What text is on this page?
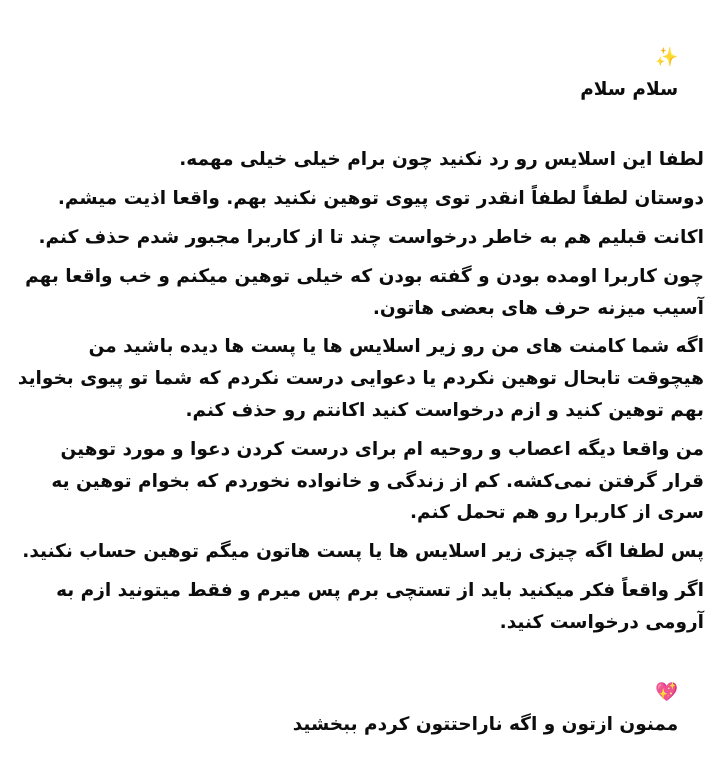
✨
سلام سلام

لطفا این اسلایس رو رد نکنید چون برام خیلی خیلی مهمه.

دوستان لطفاً لطفاً انقدر توی پیوی توهین نکنید بهم. واقعا اذیت میشم.

اکانت قبلیم هم به خاطر درخواست چند تا از کاربرا مجبور شدم حذف کنم.

چون کاربرا اومده بودن و گفته بودن که خیلی توهین میکنم و خب واقعا بهم آسیب میزنه حرف های بعضی هاتون.

اگه شما کامنت های من رو زیر اسلایس ها یا پست ها دیده باشید من هیچوقت تابحال توهین نکردم یا دعوایی درست نکردم که شما تو پیوی بخواید بهم توهین کنید و ازم درخواست کنید اکانتم رو حذف کنم.

من واقعا دیگه اعصاب و روحیه ام برای درست کردن دعوا و مورد توهین قرار گرفتن نمی‌کشه. کم از زندگی و خانواده نخوردم که بخوام توهین یه سری از کاربرا رو هم تحمل کنم.

پس لطفا اگه چیزی زیر اسلایس ها یا پست هاتون میگم توهین حساب نکنید.

اگر واقعاً فکر میکنید باید از تستچی برم پس میرم و فقط میتونید ازم به آرومی درخواست کنید.

💖
ممنون ازتون و اگه ناراحتتون کردم ببخشید
